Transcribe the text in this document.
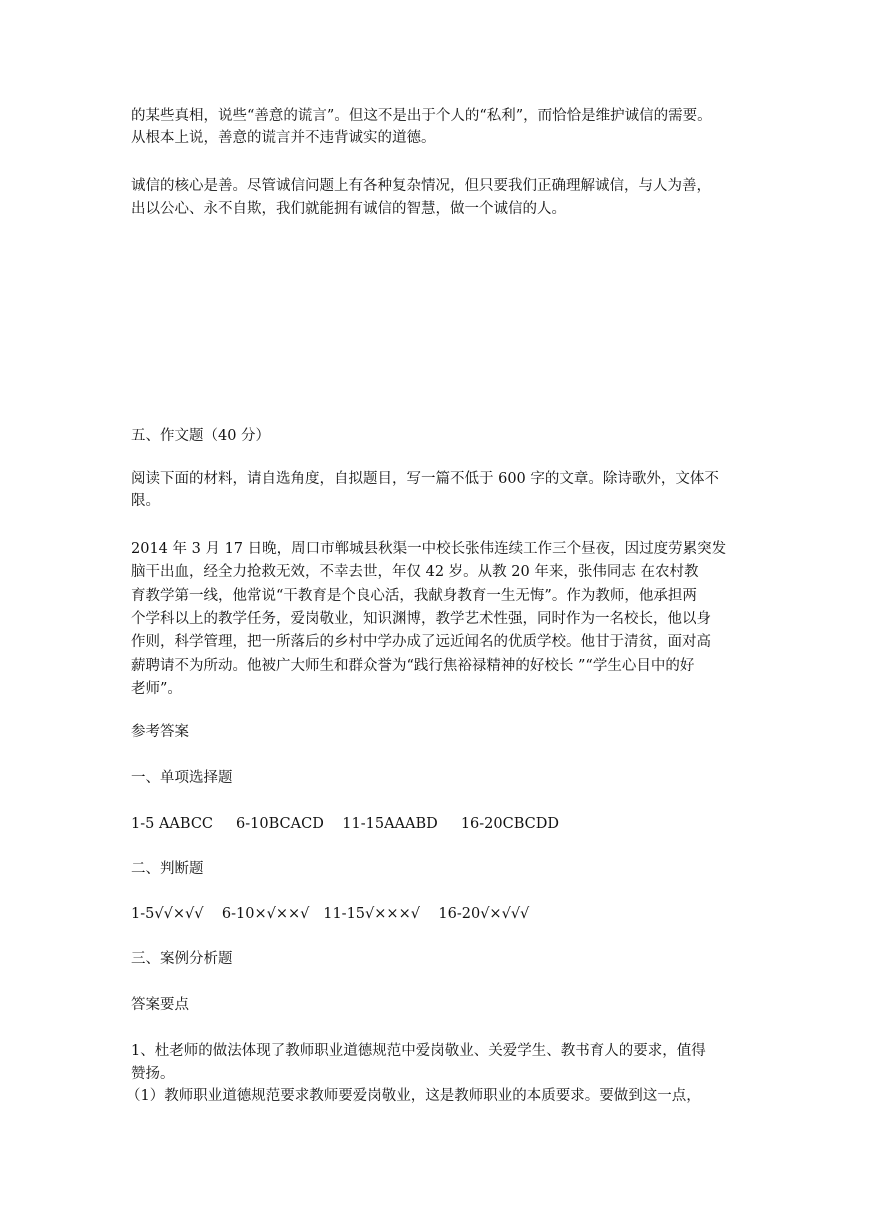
的某些真相，说些“善意的谎言”。但这不是出于个人的“私利”，而恰恰是维护诚信的需要。
从根本上说，善意的谎言并不违背诚实的道德。
诚信的核心是善。尽管诚信问题上有各种复杂情况，但只要我们正确理解诚信，与人为善，
出以公心、永不自欺，我们就能拥有诚信的智慧，做一个诚信的人。
五、作文题（40 分）
阅读下面的材料，请自选角度，自拟题目，写一篇不低于 600 字的文章。除诗歌外，文体不
限。
2014 年 3 月 17 日晚，周口市郸城县秋渠一中校长张伟连续工作三个昼夜，因过度劳累突发
脑干出血，经全力抢救无效，不幸去世，年仅 42 岁。从教 20 年来，张伟同志 在农村教
育教学第一线，他常说“干教育是个良心活，我献身教育一生无悔”。作为教师，他承担两
个学科以上的教学任务，爱岗敬业，知识渊博，教学艺术性强，同时作为一名校长，他以身
作则，科学管理，把一所落后的乡村中学办成了远近闻名的优质学校。他甘于清贫，面对高
薪聘请不为所动。他被广大师生和群众誉为“践行焦裕禄精神的好校长 ”“学生心目中的好
老师”。
参考答案
一、单项选择题
1-5 AABCC     6-10BCACD    11-15AAABD     16-20CBCDD
二、判断题
1-5√√×√√    6-10×√××√   11-15√×××√    16-20√×√√√
三、案例分析题
答案要点
1、杜老师的做法体现了教师职业道德规范中爱岗敬业、关爱学生、教书育人的要求，值得
赞扬。
（1）教师职业道德规范要求教师要爱岗敬业，这是教师职业的本质要求。要做到这一点，
